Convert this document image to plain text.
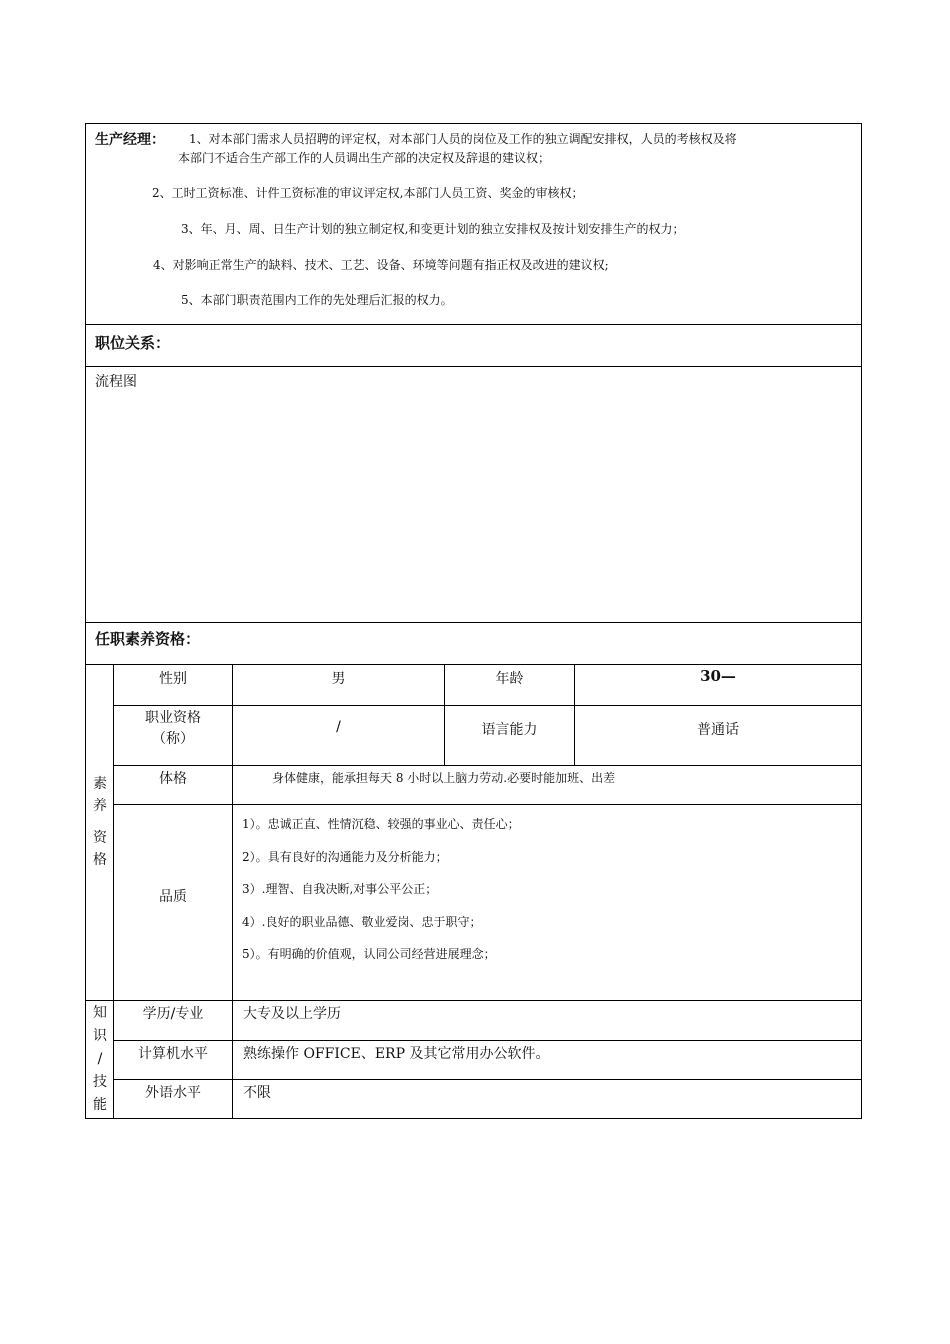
生产经理： 1、对本部门需求人员招聘的评定权，对本部门人员的岗位及工作的独立调配安排权，人员的考核权及将
本部门不适合生产部工作的人员调出生产部的决定权及辞退的建议权；
2、工时工资标准、计件工资标准的审议评定权,本部门人员工资、奖金的审核权；
3、年、月、周、日生产计划的独立制定权,和变更计划的独立安排权及按计划安排生产的权力；
4、对影响正常生产的缺料、技术、工艺、设备、环境等问题有指正权及改进的建议权;
5、本部门职责范围内工作的先处理后汇报的权力。
职位关系：
流程图
任职素养资格：
素
养
资
格
性别	男	年龄	30—
职业资格
（称）
/	语言能力	普通话
体格	身体健康，能承担每天 8 小时以上脑力劳动.必要时能加班、出差
品质
1）。忠诚正直、性情沉稳、较强的事业心、责任心；
2）。具有良好的沟通能力及分析能力；
3）.理智、自我决断,对事公平公正；
4）.良好的职业品德、敬业爱岗、忠于职守；
5）。有明确的价值观，认同公司经营进展理念；
知
识
/
技
能
学历/专业	大专及以上学历
计算机水平	熟练操作 OFFICE、ERP 及其它常用办公软件。
外语水平	不限
